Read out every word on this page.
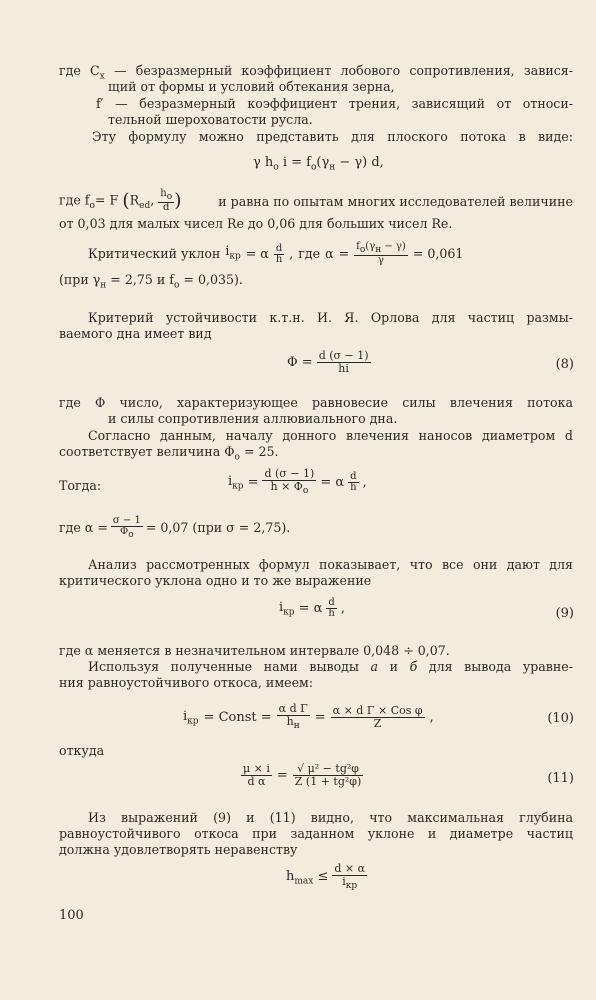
где $C_x$ — безразмерный коэффициент лобового сопротивления, завися-

щий от формы и условий обтекания зерна,

f′ — безразмерный коэффициент трения, зависящий от относи-

тельной шероховатости русла.

Эту формулу можно представить для плоского потока в виде:

γ $h_o$ $i = f_o(\gamma_н - \gamma)$ d,
где $f_o= F$ ($R_{ed}$, $\frac{h_o}{d}$ )	и равна по опытам многих исследователей величине

от 0,03 для малых чисел Re до 0,06 для больших чисел Re.

Критический уклон $i_{кр} = \alpha \frac{d}{h}$ , где $\alpha = \frac{f_o(\gamma_н - \gamma)}{\gamma} = 0,061$

(при $\gamma_н = 2,75$ и $f_o = 0,035$).

Критерий устойчивости к.т.н. И. Я. Орлова для частиц размы-

ваемого дна имеет вид

$\Phi = \frac{d (\sigma - 1)}{hi}$	(8)

где Φ число, характеризующее равновесие силы влечения потока

и силы сопротивления аллювиального дна.

Согласно данным, началу донного влечения наносов диаметром d

соответствует величина $\Phi_o = 25$.

Тогда:	$i_{кр} = \frac{d (\sigma - 1)}{h \times \Phi_o} = \alpha \frac{d}{h}$ ,
где $\alpha = \frac{\sigma - 1}{\Phi_o} = 0,07$ (при σ = 2,75).

Анализ рассмотренных формул показывает, что все они дают для

критического уклона одно и то же выражение

$i_{кр} = \alpha \frac{d}{h}$ ,	(9)

где α меняется в незначительном интервале 0,048 ÷ 0,07.

Используя полученные нами выводы а и б для вывода уравне-

ния равноустойчивого откоса, имеем:

$i_{кр}$ = Const = $\frac{\text{α d Γ}}{h_н} = \frac{\text{α × d Γ × Cos φ}}{Z}$ ,	(10)

откуда

$\frac{\mu \times i}{\text{d α}} = \frac{\text{√ μ² − tg²φ}}{\text{Z (1 + tg²φ)}}$	(11)

Из выражений (9) и (11) видно, что максимальная глубина

равноустойчивого откоса при заданном уклоне и диаметре частиц

должна удовлетворять неравенству

$h_{max} \le \frac{d \times \alpha}{i_{кр}}$
100
